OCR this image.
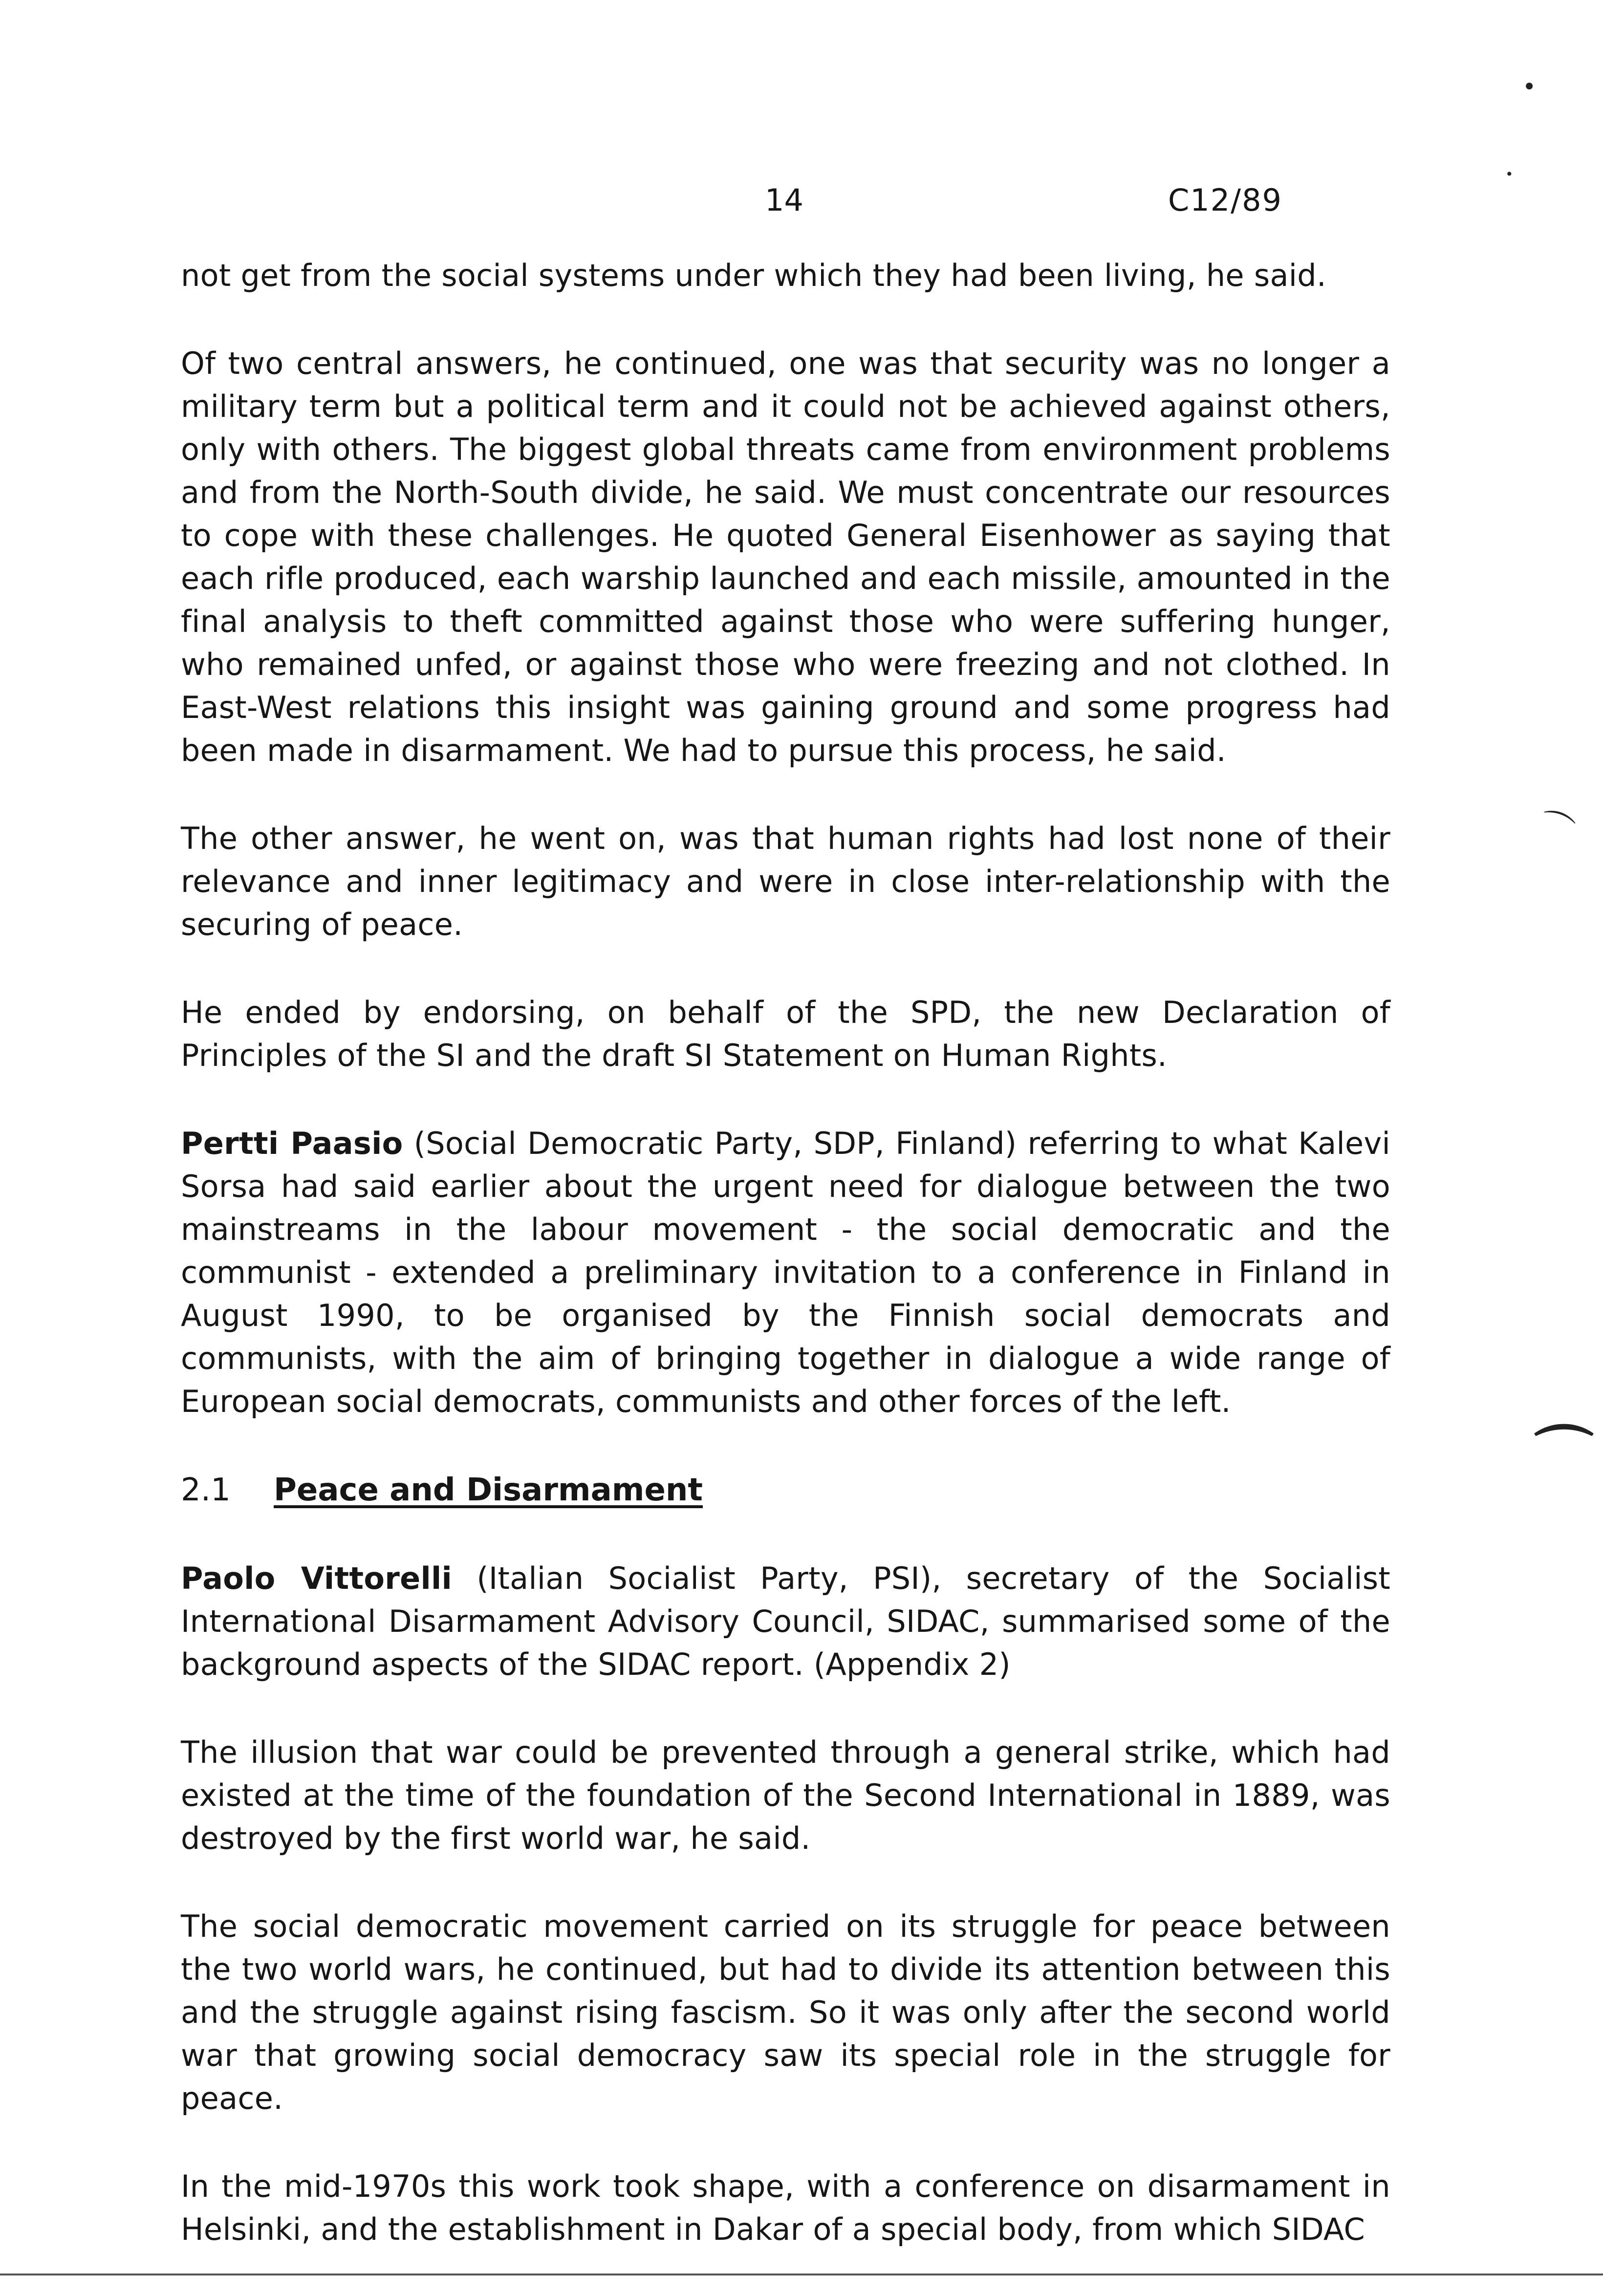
14	C12/89
•
•
⌒
⌒

not get from the social systems under which they had been living, he said.

Of two central answers, he continued, one was that security was no longer a military term but a political term and it could not be achieved against others, only with others. The biggest global threats came from environment problems and from the North-South divide, he said. We must concentrate our resources to cope with these challenges. He quoted General Eisenhower as saying that each rifle produced, each warship launched and each missile, amounted in the final analysis to theft committed against those who were suffering hunger, who remained unfed, or against those who were freezing and not clothed. In East-West relations this insight was gaining ground and some progress had been made in disarmament. We had to pursue this process, he said.

The other answer, he went on, was that human rights had lost none of their relevance and inner legitimacy and were in close inter-relationship with the securing of peace.

He ended by endorsing, on behalf of the SPD, the new Declaration of Principles of the SI and the draft SI Statement on Human Rights.

Pertti Paasio (Social Democratic Party, SDP, Finland) referring to what Kalevi Sorsa had said earlier about the urgent need for dialogue between the two mainstreams in the labour movement - the social democratic and the communist - extended a preliminary invitation to a conference in Finland in August 1990, to be organised by the Finnish social democrats and communists, with the aim of bringing together in dialogue a wide range of European social democrats, communists and other forces of the left.

2.1 Peace and Disarmament

Paolo Vittorelli (Italian Socialist Party, PSI), secretary of the Socialist International Disarmament Advisory Council, SIDAC, summarised some of the background aspects of the SIDAC report. (Appendix 2)

The illusion that war could be prevented through a general strike, which had existed at the time of the foundation of the Second International in 1889, was destroyed by the first world war, he said.

The social democratic movement carried on its struggle for peace between the two world wars, he continued, but had to divide its attention between this and the struggle against rising fascism. So it was only after the second world war that growing social democracy saw its special role in the struggle for peace.

In the mid-1970s this work took shape, with a conference on disarmament in Helsinki, and the establishment in Dakar of a special body, from which SIDAC
